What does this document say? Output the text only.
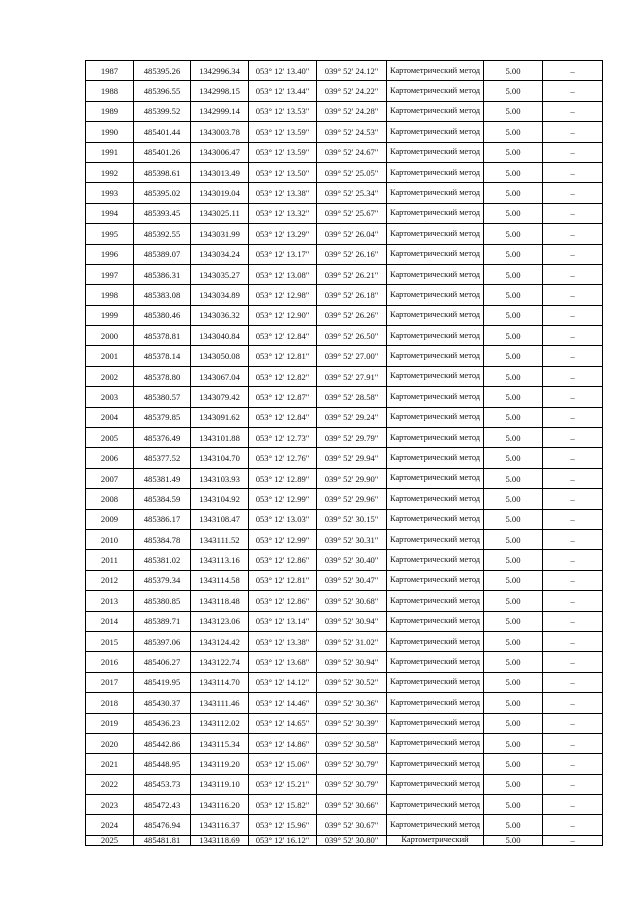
1987	485395.26	1342996.34	053° 12' 13.40"	039° 52' 24.12"	Картометрический метод	5.00	–
1988	485396.55	1342998.15	053° 12' 13.44"	039° 52' 24.22"	Картометрический метод	5.00	–
1989	485399.52	1342999.14	053° 12' 13.53"	039° 52' 24.28"	Картометрический метод	5.00	–
1990	485401.44	1343003.78	053° 12' 13.59"	039° 52' 24.53"	Картометрический метод	5.00	–
1991	485401.26	1343006.47	053° 12' 13.59"	039° 52' 24.67"	Картометрический метод	5.00	–
1992	485398.61	1343013.49	053° 12' 13.50"	039° 52' 25.05"	Картометрический метод	5.00	–
1993	485395.02	1343019.04	053° 12' 13.38"	039° 52' 25.34"	Картометрический метод	5.00	–
1994	485393.45	1343025.11	053° 12' 13.32"	039° 52' 25.67"	Картометрический метод	5.00	–
1995	485392.55	1343031.99	053° 12' 13.29"	039° 52' 26.04"	Картометрический метод	5.00	–
1996	485389.07	1343034.24	053° 12' 13.17"	039° 52' 26.16"	Картометрический метод	5.00	–
1997	485386.31	1343035.27	053° 12' 13.08"	039° 52' 26.21"	Картометрический метод	5.00	–
1998	485383.08	1343034.89	053° 12' 12.98"	039° 52' 26.18"	Картометрический метод	5.00	–
1999	485380.46	1343036.32	053° 12' 12.90"	039° 52' 26.26"	Картометрический метод	5.00	–
2000	485378.81	1343040.84	053° 12' 12.84"	039° 52' 26.50"	Картометрический метод	5.00	–
2001	485378.14	1343050.08	053° 12' 12.81"	039° 52' 27.00"	Картометрический метод	5.00	–
2002	485378.80	1343067.04	053° 12' 12.82"	039° 52' 27.91"	Картометрический метод	5.00	–
2003	485380.57	1343079.42	053° 12' 12.87"	039° 52' 28.58"	Картометрический метод	5.00	–
2004	485379.85	1343091.62	053° 12' 12.84"	039° 52' 29.24"	Картометрический метод	5.00	–
2005	485376.49	1343101.88	053° 12' 12.73"	039° 52' 29.79"	Картометрический метод	5.00	–
2006	485377.52	1343104.70	053° 12' 12.76"	039° 52' 29.94"	Картометрический метод	5.00	–
2007	485381.49	1343103.93	053° 12' 12.89"	039° 52' 29.90"	Картометрический метод	5.00	–
2008	485384.59	1343104.92	053° 12' 12.99"	039° 52' 29.96"	Картометрический метод	5.00	–
2009	485386.17	1343108.47	053° 12' 13.03"	039° 52' 30.15"	Картометрический метод	5.00	–
2010	485384.78	1343111.52	053° 12' 12.99"	039° 52' 30.31"	Картометрический метод	5.00	–
2011	485381.02	1343113.16	053° 12' 12.86"	039° 52' 30.40"	Картометрический метод	5.00	–
2012	485379.34	1343114.58	053° 12' 12.81"	039° 52' 30.47"	Картометрический метод	5.00	–
2013	485380.85	1343118.48	053° 12' 12.86"	039° 52' 30.68"	Картометрический метод	5.00	–
2014	485389.71	1343123.06	053° 12' 13.14"	039° 52' 30.94"	Картометрический метод	5.00	–
2015	485397.06	1343124.42	053° 12' 13.38"	039° 52' 31.02"	Картометрический метод	5.00	–
2016	485406.27	1343122.74	053° 12' 13.68"	039° 52' 30.94"	Картометрический метод	5.00	–
2017	485419.95	1343114.70	053° 12' 14.12"	039° 52' 30.52"	Картометрический метод	5.00	–
2018	485430.37	1343111.46	053° 12' 14.46"	039° 52' 30.36"	Картометрический метод	5.00	–
2019	485436.23	1343112.02	053° 12' 14.65"	039° 52' 30.39"	Картометрический метод	5.00	–
2020	485442.86	1343115.34	053° 12' 14.86"	039° 52' 30.58"	Картометрический метод	5.00	–
2021	485448.95	1343119.20	053° 12' 15.06"	039° 52' 30.79"	Картометрический метод	5.00	–
2022	485453.73	1343119.10	053° 12' 15.21"	039° 52' 30.79"	Картометрический метод	5.00	–
2023	485472.43	1343116.20	053° 12' 15.82"	039° 52' 30.66"	Картометрический метод	5.00	–
2024	485476.94	1343116.37	053° 12' 15.96"	039° 52' 30.67"	Картометрический метод	5.00	–
2025	485481.81	1343118.69	053° 12' 16.12"	039° 52' 30.80"	Картометрический	5.00	–
